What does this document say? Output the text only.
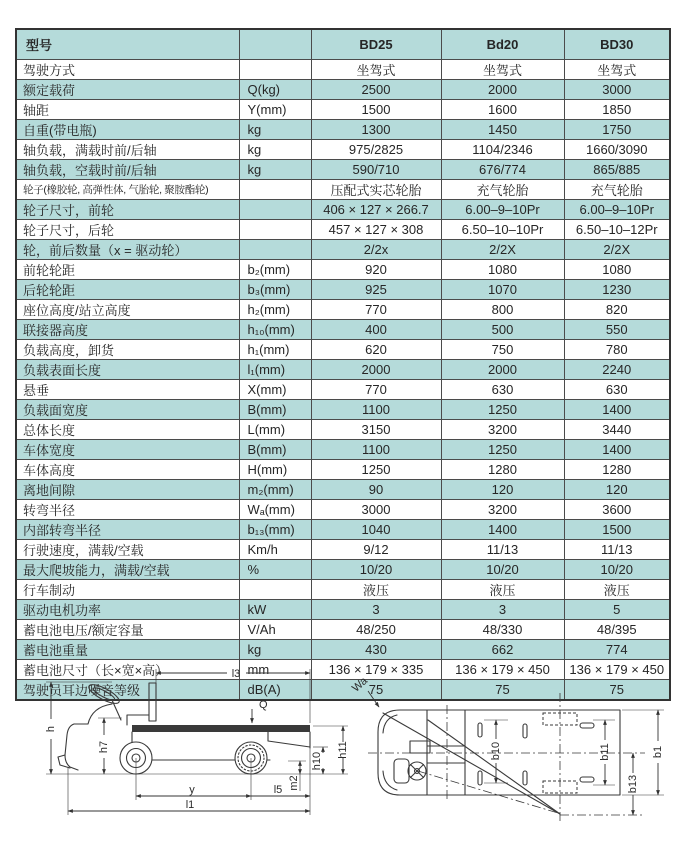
型号		BD25	Bd20	BD30
驾驶方式		坐驾式	坐驾式	坐驾式
额定载荷	Q(kg)	2500	2000	3000
轴距	Y(mm)	1500	1600	1850
自重(带电瓶)	kg	1300	1450	1750
轴负载，满载时前/后轴	kg	975/2825	1104/2346	1660/3090
轴负载，空载时前/后轴	kg	590/710	676/774	865/885
轮子(橡胶轮, 高弹性体, 气胎轮, 聚胺酯轮)		压配式实芯轮胎	充气轮胎	充气轮胎
轮子尺寸，前轮		406 × 127 × 266.7	6.00–9–10Pr	6.00–9–10Pr
轮子尺寸，后轮		457 × 127 × 308	6.50–10–10Pr	6.50–10–12Pr
轮，前后数量（x = 驱动轮）		2/2x	2/2X	2/2X
前轮轮距	b₂(mm)	920	1080	1080
后轮轮距	b₃(mm)	925	1070	1230
座位高度/站立高度	h₂(mm)	770	800	820
联接器高度	h₁₀(mm)	400	500	550
负载高度，卸货	h₁(mm)	620	750	780
负载表面长度	l₁(mm)	2000	2000	2240
悬垂	X(mm)	770	630	630
负载面宽度	B(mm)	1100	1250	1400
总体长度	L(mm)	3150	3200	3440
车体宽度	B(mm)	1100	1250	1400
车体高度	H(mm)	1250	1280	1280
离地间隙	m₂(mm)	90	120	120
转弯半径	Wₐ(mm)	3000	3200	3600
内部转弯半径	b₁₃(mm)	1040	1400	1500
行驶速度，满载/空载	Km/h	9/12	11/13	11/13
最大爬坡能力，满载/空载	%	10/20	10/20	10/20
行车制动		液压	液压	液压
驱动电机功率	kW	3	3	5
蓄电池电压/额定容量	V/Ah	48/250	48/330	48/395
蓄电池重量	kg	430	662	774
蓄电池尺寸（长×宽×高）	mm	136 × 179 × 335	136 × 179 × 450	136 × 179 × 450
驾驶员耳边噪音等级	dB(A)	75	75	75
l3
Q
h
h7	h11
h10
m2
y	l5
l1
Wa
b10	b11	b1
b13
